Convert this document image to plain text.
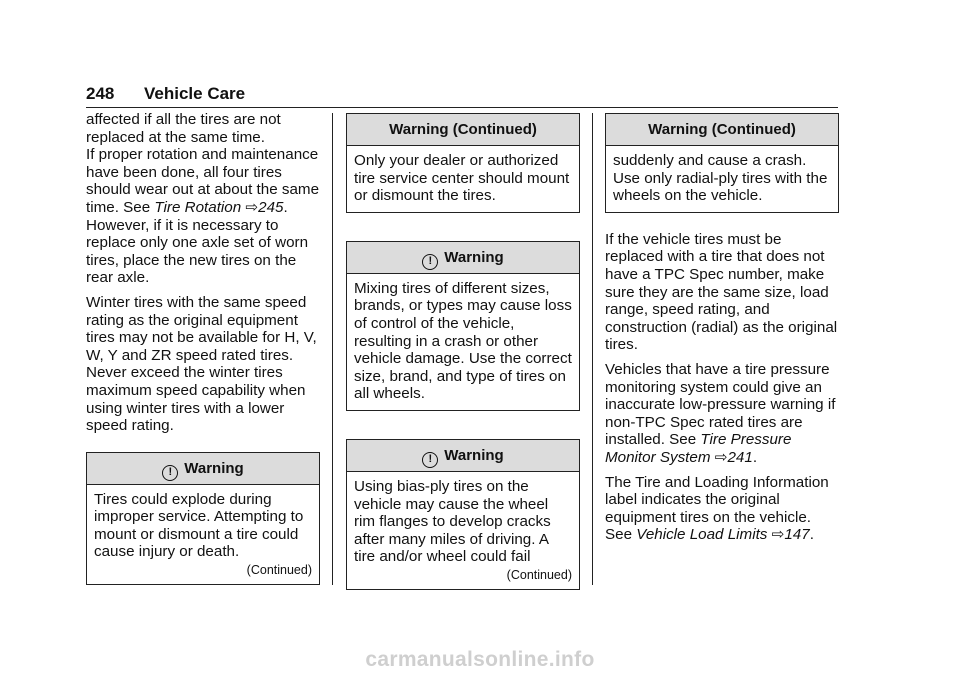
248 Vehicle Care

affected if all the tires are not replaced at the same time.

If proper rotation and maintenance have been done, all four tires should wear out at about the same time. See Tire Rotation ⇨245. However, if it is necessary to replace only one axle set of worn tires, place the new tires on the rear axle.

Winter tires with the same speed rating as the original equipment tires may not be available for H, V, W, Y and ZR speed rated tires. Never exceed the winter tires maximum speed capability when using winter tires with a lower speed rating.

! Warning
Tires could explode during improper service. Attempting to mount or dismount a tire could cause injury or death.
(Continued)
Warning (Continued)
Only your dealer or authorized tire service center should mount or dismount the tires.
! Warning
Mixing tires of different sizes, brands, or types may cause loss of control of the vehicle, resulting in a crash or other vehicle damage. Use the correct size, brand, and type of tires on all wheels.
! Warning
Using bias-ply tires on the vehicle may cause the wheel rim flanges to develop cracks after many miles of driving. A tire and/or wheel could fail
(Continued)
Warning (Continued)
suddenly and cause a crash. Use only radial-ply tires with the wheels on the vehicle.

If the vehicle tires must be replaced with a tire that does not have a TPC Spec number, make sure they are the same size, load range, speed rating, and construction (radial) as the original tires.

Vehicles that have a tire pressure monitoring system could give an inaccurate low-pressure warning if non-TPC Spec rated tires are installed. See Tire Pressure Monitor System ⇨241.

The Tire and Loading Information label indicates the original equipment tires on the vehicle. See Vehicle Load Limits ⇨147.

carmanualsonline.info
